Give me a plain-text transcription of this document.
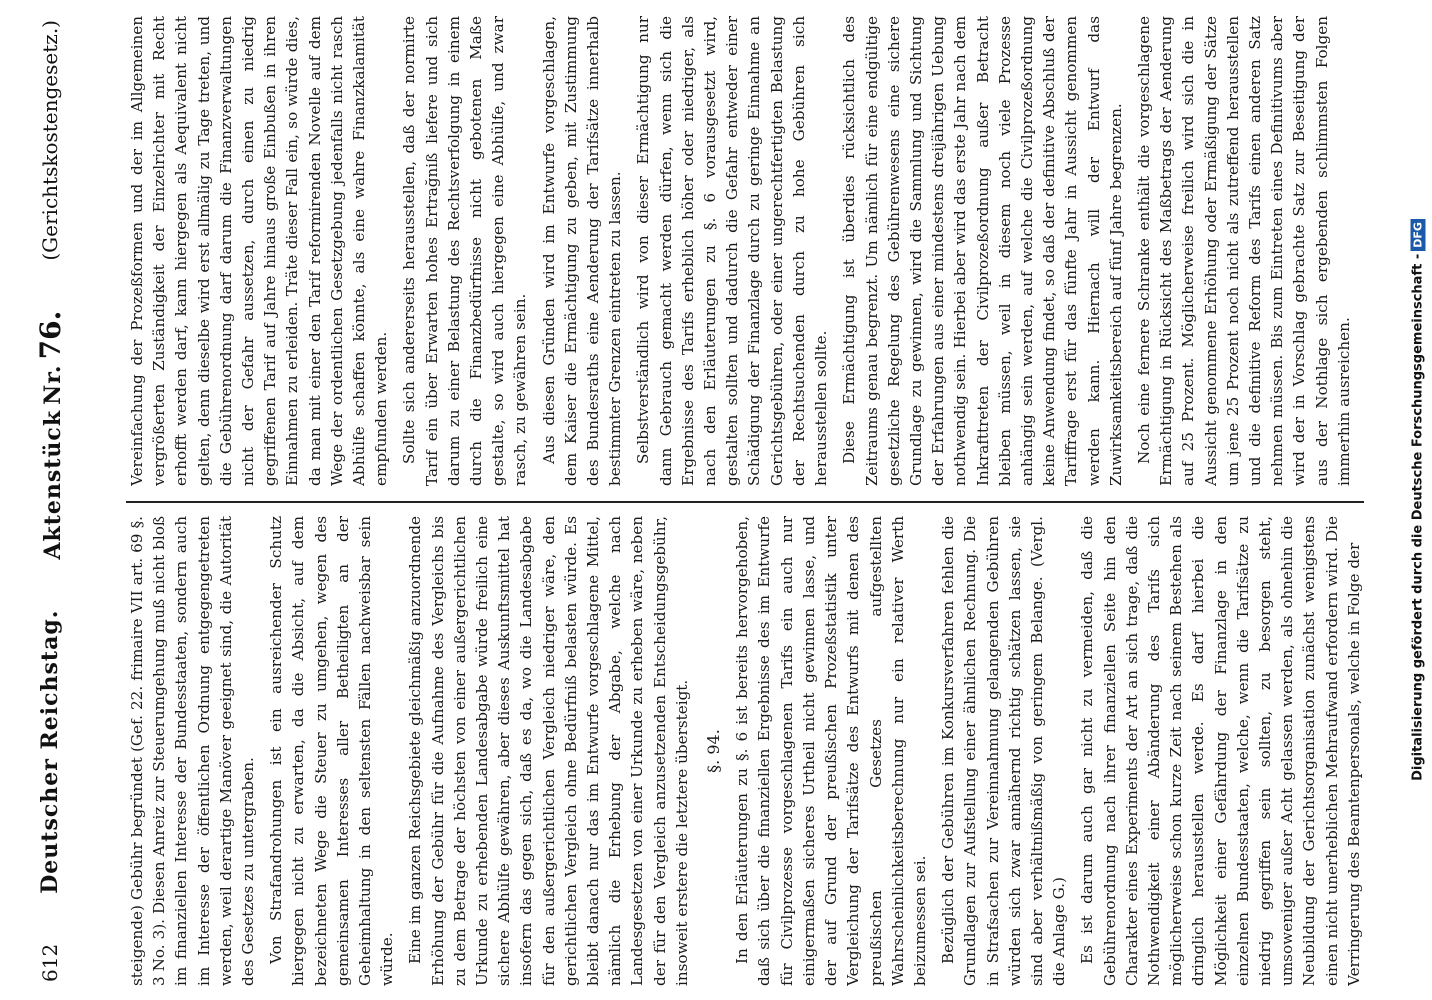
steigende) Gebühr begründet (Gef. 22. frimaire VII art. 69 §. 3 No. 3). Diesen Anreiz zur Steuerumgehung muß nicht bloß im finanziellen Interesse der Bundesstaaten, sondern auch im Interesse der öffentlichen Ordnung entgegengetreten werden, weil derartige Manöver geeignet sind, die Autorität des Gesetzes zu untergraben. Von Strafandrohungen ist ein ausreichender Schutz hiergegen nicht zu erwarten, da die Absicht, auf dem bezeichneten Wege die Steuer zu umgehen, wegen des gemeinsamen Interesses aller Betheiligten an der Geheimhaltung in den seltensten Fällen nachweisbar sein würde. Eine im ganzen Reichsgebiete gleichmäßig anzuordnende Erhöhung der Gebühr für die Aufnahme des Vergleichs bis zu dem Betrage der höchsten von einer außergerichtlichen Urkunde zu erhebenden Landesabgabe würde freilich eine sichere Abhülfe gewähren, aber dieses Auskunftsmittel hat insofern das gegen sich, daß es da, wo die Landesabgabe für den außergerichtlichen Vergleich niedriger wäre, den gerichtlichen Vergleich ohne Bedürfniß belasten würde. Es bleibt danach nur das im Entwurfe vorgeschlagene Mittel, nämlich die Erhebung der Abgabe, welche nach Landesgesetzen von einer Urkunde zu erheben wäre, neben der für den Vergleich anzusetzenden Entscheidungsgebühr, insoweit erstere die letztere übersteigt. §. 94. In den Erläuterungen zu §. 6 ist bereits hervorgehoben, daß sich über die finanziellen Ergebnisse des im Entwurfe für Civilprozesse vorgeschlagenen Tarifs ein auch nur einigermaßen sicheres Urtheil nicht gewinnen lasse, und der auf Grund der preußischen Prozeßstatistik unter Vergleichung der Tarifsätze des Entwurfs mit denen des preußischen Gesetzes aufgestellten Wahrscheinlichkeitsberechnung nur ein relativer Werth beizumessen sei. Bezüglich der Gebühren im Konkursverfahren fehlen die Grundlagen zur Aufstellung einer ähnlichen Rechnung. Die in Strafsachen zur Vereinnahmung gelangenden Gebühren würden sich zwar annähernd richtig schätzen lassen, sie sind aber verhältnißmäßig von geringem Belange. (Vergl. die Anlage G.) Es ist darum auch gar nicht zu vermeiden, daß die Gebührenordnung nach ihrer finanziellen Seite hin den Charakter eines Experiments der Art an sich trage, daß die Nothwendigkeit einer Abänderung des Tarifs sich möglicherweise schon kurze Zeit nach seinem Bestehen als dringlich herausstellen werde. Es darf hierbei die Möglichkeit einer Gefährdung der Finanzlage in den einzelnen Bundesstaaten, welche, wenn die Tarifsätze zu niedrig gegriffen sein sollten, zu besorgen steht, umsoweniger außer Acht gelassen werden, als ohnehin die Neubildung der Gerichtsorganisation zunächst wenigstens einen nicht unerheblichen Mehraufwand erfordern wird. Die Verringerung des Beamtenpersonals, welche in Folge der

Vereinfachung der Prozeßformen und der im Allgemeinen vergrößerten Zuständigkeit der Einzelrichter mit Recht erhofft werden darf, kann hiergegen als Aequivalent nicht gelten, denn dieselbe wird erst allmälig zu Tage treten, und die Gebührenordnung darf darum die Finanzverwaltungen nicht der Gefahr aussetzen, durch einen zu niedrig gegriffenen Tarif auf Jahre hinaus große Einbußen in ihren Einnahmen zu erleiden. Träte dieser Fall ein, so würde dies, da man mit einer den Tarif reformirenden Novelle auf dem Wege der ordentlichen Gesetzgebung jedenfalls nicht rasch Abhülfe schaffen könnte, als eine wahre Finanzkalamität empfunden werden. Sollte sich andererseits herausstellen, daß der normirte Tarif ein über Erwarten hohes Ertrağniß liefere und sich darum zu einer Belastung des Rechtsverfolgung in einem durch die Finanzbedürfnisse nicht gebotenen Maße gestalte, so wird auch hiergegen eine Abhülfe, und zwar rasch, zu gewähren sein. Aus diesen Gründen wird im Entwurfe vorgeschlagen, dem Kaiser die Ermächtigung zu geben, mit Zustimmung des Bundesraths eine Aenderung der Tarifsätze innerhalb bestimmter Grenzen eintreten zu lassen. Selbstverständlich wird von dieser Ermächtigung nur dann Gebrauch gemacht werden dürfen, wenn sich die Ergebnisse des Tarifs erheblich höher oder niedriger, als nach den Erläuterungen zu §. 6 vorausgesetzt wird, gestalten sollten und dadurch die Gefahr entweder einer Schädigung der Finanzlage durch zu geringe Einnahme an Gerichtsgebühren, oder einer ungerechtfertigten Belastung der Rechtsuchenden durch zu hohe Gebühren sich herausstellen sollte. Diese Ermächtigung ist überdies rücksichtlich des Zeitraums genau begrenzt. Um nämlich für eine endgültige gesetzliche Regelung des Gebührenwesens eine sichere Grundlage zu gewinnen, wird die Sammlung und Sichtung der Erfahrungen aus einer mindestens dreijährigen Uebung nothwendig sein. Hierbei aber wird das erste Jahr nach dem Inkrafttreten der Civilprozeßordnung außer Betracht bleiben müssen, weil in diesem noch viele Prozesse anhängig sein werden, auf welche die Civilprozeßordnung keine Anwendung findet, so daß der definitive Abschluß der Tariffrage erst für das fünfte Jahr in Aussicht genommen werden kann. Hiernach will der Entwurf das Zuwirksamkeitsbereich auf fünf Jahre begrenzen. Noch eine fernere Schranke enthält die vorgeschlagene Ermächtigung in Rücksicht des Maßbetrags der Aenderung auf 25 Prozent. Möglicherweise freilich wird sich die in Aussicht genommene Erhöhung oder Ermäßigung der Sätze um jene 25 Prozent noch nicht als zutreffend herausstellen und die definitive Reform des Tarifs einen anderen Satz nehmen müssen. Bis zum Eintreten eines Definitivums aber wird der in Vorschlag gebrachte Satz zur Beseitigung der aus der Nothlage sich ergebenden schlimmsten Folgen immerhin ausreichen.

612
Deutscher Reichstag.
Aktenstück Nr. 76.
(Gerichtskostengesetz.)
Digitalisierung gefördert durch die Deutsche Forschungsgemeinschaft -DFG
